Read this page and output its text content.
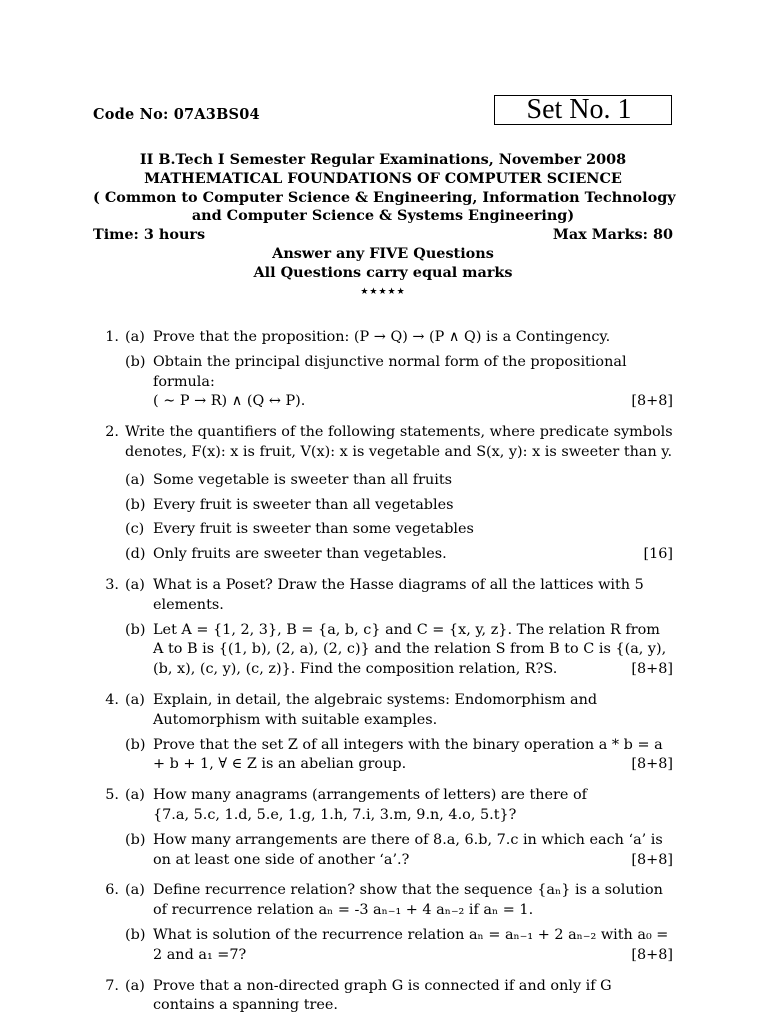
Code No: 07A3BS04	Set No. 1
II B.Tech I Semester Regular Examinations, November 2008
MATHEMATICAL FOUNDATIONS OF COMPUTER SCIENCE
( Common to Computer Science & Engineering, Information Technology
and Computer Science & Systems Engineering)
Time: 3 hours	Max Marks: 80
Answer any FIVE Questions
All Questions carry equal marks
★★★★★
1. (a) Prove that the proposition: (P → Q) → (P ∧ Q) is a Contingency.
(b) Obtain the principal disjunctive normal form of the propositional formula:
( ∼ P → R) ∧ (Q ↔ P).	[8+8]
2. Write the quantifiers of the following statements, where predicate symbols denotes, F(x): x is fruit, V(x): x is vegetable and S(x, y): x is sweeter than y.
(a) Some vegetable is sweeter than all fruits
(b) Every fruit is sweeter than all vegetables
(c) Every fruit is sweeter than some vegetables
(d) Only fruits are sweeter than vegetables.	[16]
3. (a) What is a Poset? Draw the Hasse diagrams of all the lattices with 5 elements.
(b) Let A = {1, 2, 3}, B = {a, b, c} and C = {x, y, z}. The relation R from A to B is {(1, b), (2, a), (2, c)} and the relation S from B to C is {(a, y), (b, x), (c, y), (c, z)}. Find the composition relation, R?S.	[8+8]
4. (a) Explain, in detail, the algebraic systems: Endomorphism and Automorphism with suitable examples.
(b) Prove that the set Z of all integers with the binary operation a * b = a + b + 1, ∀ ∈ Z is an abelian group.	[8+8]
5. (a) How many anagrams (arrangements of letters) are there of
{7.a, 5.c, 1.d, 5.e, 1.g, 1.h, 7.i, 3.m, 9.n, 4.o, 5.t}?
(b) How many arrangements are there of 8.a, 6.b, 7.c in which each ‘a’ is on at least one side of another ‘a’.?	[8+8]
6. (a) Define recurrence relation? show that the sequence {aₙ} is a solution of recurrence relation aₙ = -3 aₙ₋₁ + 4 aₙ₋₂ if aₙ = 1.
(b) What is solution of the recurrence relation aₙ = aₙ₋₁ + 2 aₙ₋₂ with a₀ = 2 and a₁ =7?	[8+8]
7. (a) Prove that a non-directed graph G is connected if and only if G contains a spanning tree.
